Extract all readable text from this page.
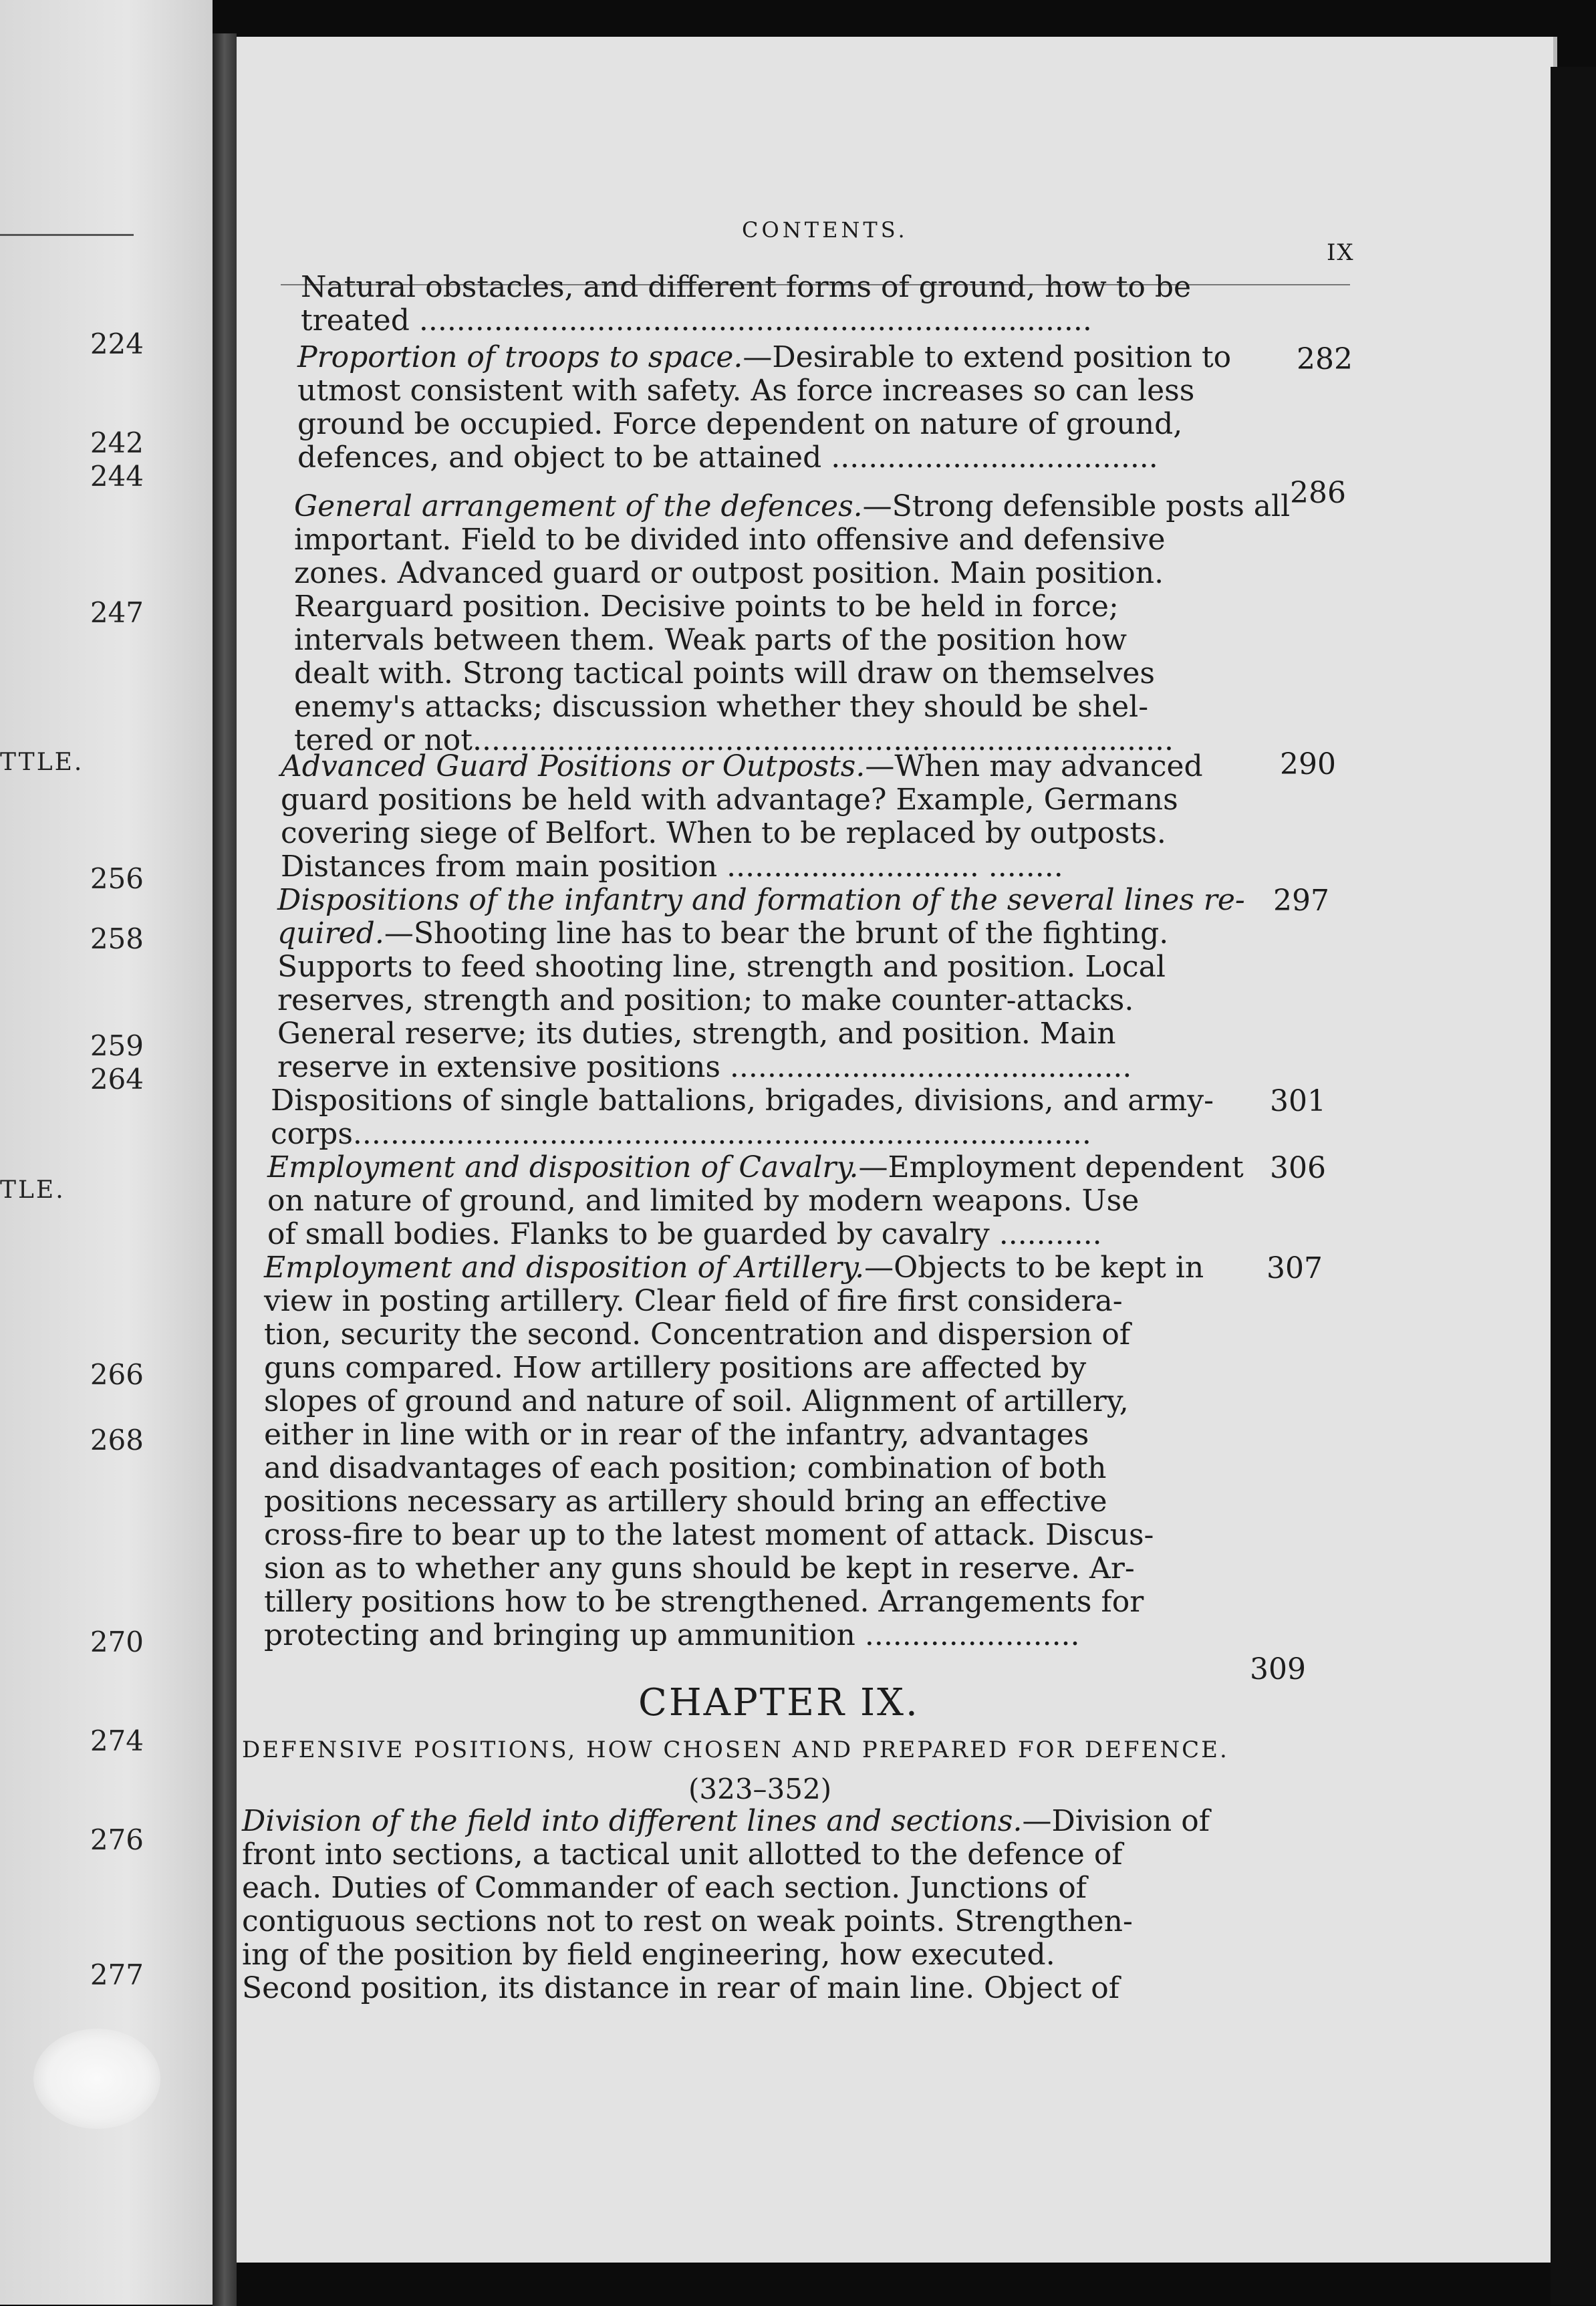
224
242
244
247
256
258
259
264
266
268
270
274
276
277
TTLE.
TLE.
CONTENTS.
IX
Natural obstacles, and different forms of ground, how to be
treated ........................................................................
282
Proportion of troops to space.—Desirable to extend position to
utmost consistent with safety. As force increases so can less
ground be occupied. Force dependent on nature of ground,
defences, and object to be attained ...................................
286
General arrangement of the defences.—Strong defensible posts all
important. Field to be divided into offensive and defensive
zones. Advanced guard or outpost position. Main position.
Rearguard position. Decisive points to be held in force;
intervals between them. Weak parts of the position how
dealt with. Strong tactical points will draw on themselves
enemy's attacks; discussion whether they should be shel-
tered or not...........................................................................
290
Advanced Guard Positions or Outposts.—When may advanced
guard positions be held with advantage? Example, Germans
covering siege of Belfort. When to be replaced by outposts.
Distances from main position ........................... ........
297
Dispositions of the infantry and formation of the several lines re-
quired.—Shooting line has to bear the brunt of the fighting.
Supports to feed shooting line, strength and position. Local
reserves, strength and position; to make counter-attacks.
General reserve; its duties, strength, and position. Main
reserve in extensive positions ...........................................
301
Dispositions of single battalions, brigades, divisions, and army-
corps...............................................................................
306
Employment and disposition of Cavalry.—Employment dependent
on nature of ground, and limited by modern weapons. Use
of small bodies. Flanks to be guarded by cavalry ...........
307
Employment and disposition of Artillery.—Objects to be kept in
view in posting artillery. Clear field of fire first considera-
tion, security the second. Concentration and dispersion of
guns compared. How artillery positions are affected by
slopes of ground and nature of soil. Alignment of artillery,
either in line with or in rear of the infantry, advantages
and disadvantages of each position; combination of both
positions necessary as artillery should bring an effective
cross-fire to bear up to the latest moment of attack. Discus-
sion as to whether any guns should be kept in reserve. Ar-
tillery positions how to be strengthened. Arrangements for
protecting and bringing up ammunition .......................
309
CHAPTER IX.
DEFENSIVE POSITIONS, HOW CHOSEN AND PREPARED FOR DEFENCE.
(323–352)
Division of the field into different lines and sections.—Division of
front into sections, a tactical unit allotted to the defence of
each. Duties of Commander of each section. Junctions of
contiguous sections not to rest on weak points. Strengthen-
ing of the position by field engineering, how executed.
Second position, its distance in rear of main line. Object of
